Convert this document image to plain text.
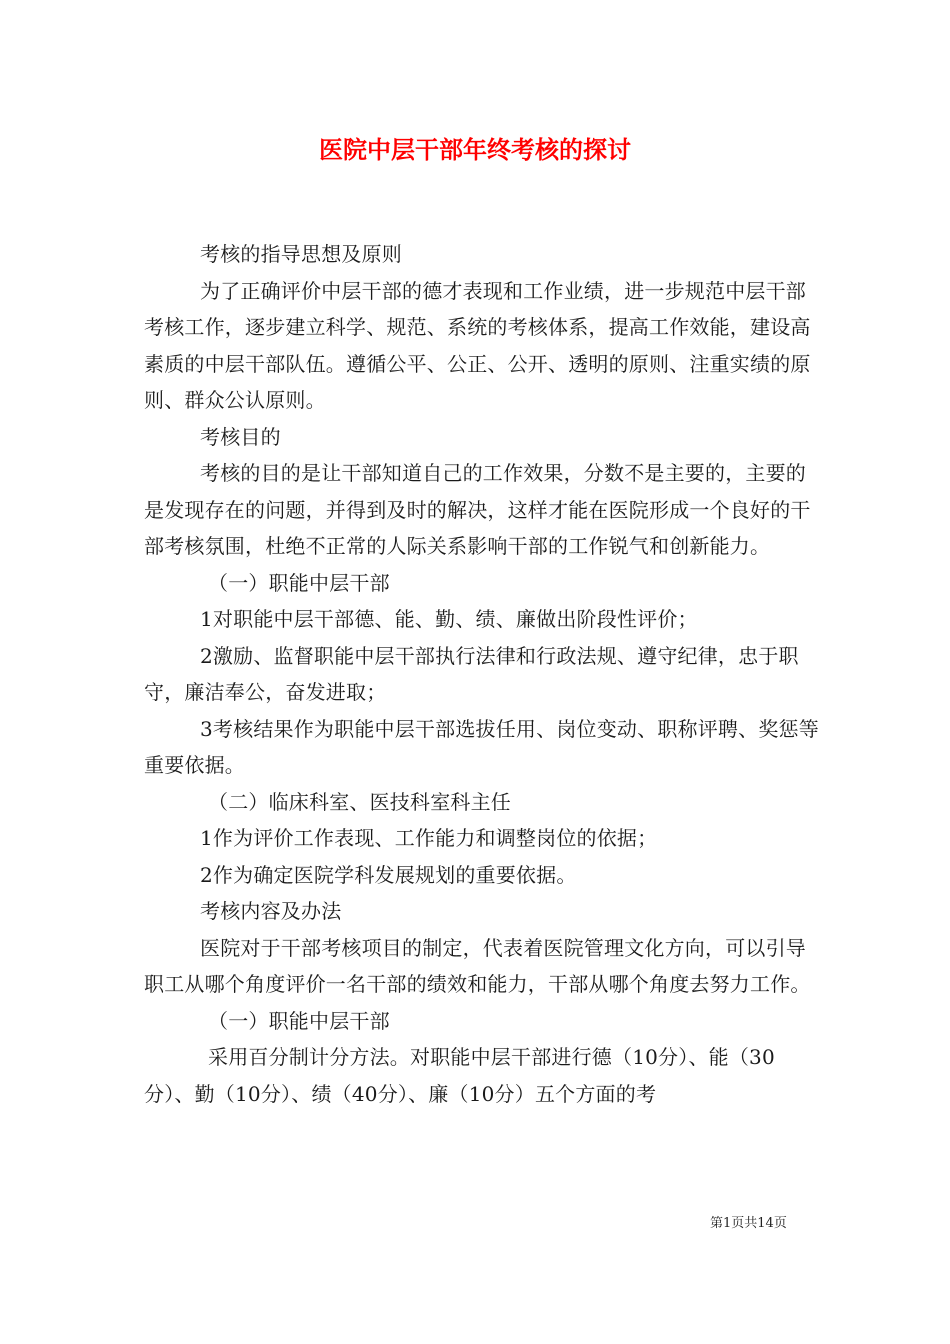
医院中层干部年终考核的探讨

考核的指导思想及原则

为了正确评价中层干部的德才表现和工作业绩，进一步规范中层干部考核工作，逐步建立科学、规范、系统的考核体系，提高工作效能，建设高素质的中层干部队伍。遵循公平、公正、公开、透明的原则、注重实绩的原则、群众公认原则。

考核目的

考核的目的是让干部知道自己的工作效果，分数不是主要的，主要的是发现存在的问题，并得到及时的解决，这样才能在医院形成一个良好的干部考核氛围，杜绝不正常的人际关系影响干部的工作锐气和创新能力。

（一）职能中层干部

1对职能中层干部德、能、勤、绩、廉做出阶段性评价；

2激励、监督职能中层干部执行法律和行政法规、遵守纪律，忠于职守，廉洁奉公，奋发进取；

3考核结果作为职能中层干部选拔任用、岗位变动、职称评聘、奖惩等重要依据。

（二）临床科室、医技科室科主任

1作为评价工作表现、工作能力和调整岗位的依据；

2作为确定医院学科发展规划的重要依据。

考核内容及办法

医院对于干部考核项目的制定，代表着医院管理文化方向，可以引导职工从哪个角度评价一名干部的绩效和能力，干部从哪个角度去努力工作。

（一）职能中层干部

采用百分制计分方法。对职能中层干部进行德（10分）、能（30分）、勤（10分）、绩（40分）、廉（10分）五个方面的考

第1页共14页
